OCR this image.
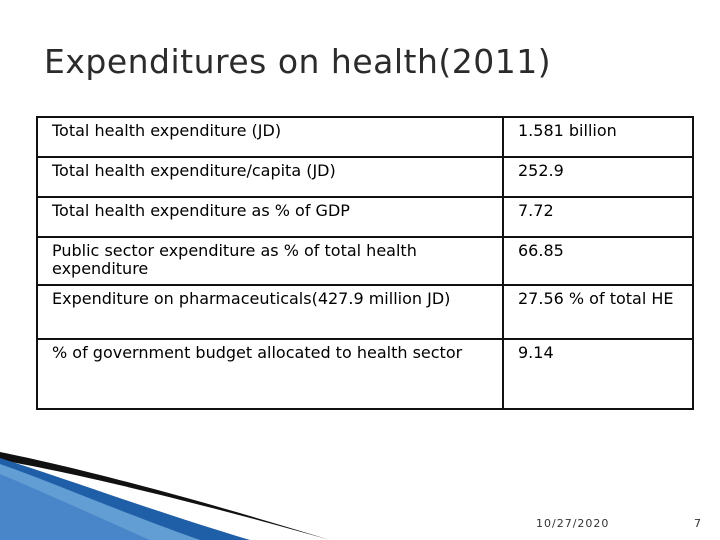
Expenditures on health(2011)
Total health expenditure (JD)	1.581 billion
Total health expenditure/capita (JD)	252.9
Total health expenditure as % of GDP	7.72
Public sector expenditure as % of total health expenditure	66.85
Expenditure on pharmaceuticals(427.9 million JD)	27.56 % of total HE
% of government budget allocated to health sector	9.14
10/27/2020	7
